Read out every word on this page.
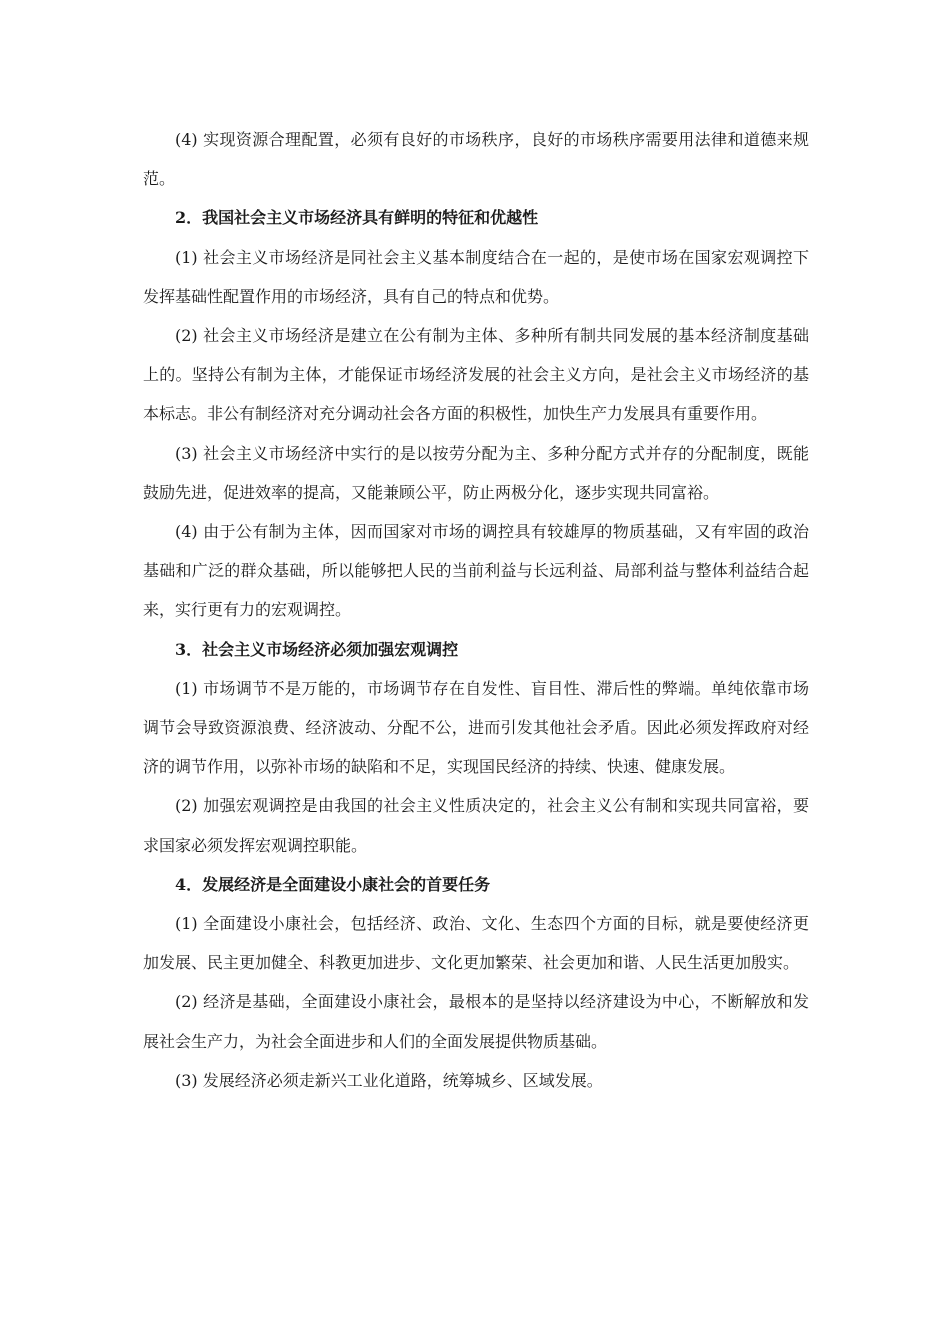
(4) 实现资源合理配置，必须有良好的市场秩序，良好的市场秩序需要用法律和道德来规范。

2．我国社会主义市场经济具有鲜明的特征和优越性

(1) 社会主义市场经济是同社会主义基本制度结合在一起的，是使市场在国家宏观调控下发挥基础性配置作用的市场经济，具有自己的特点和优势。

(2) 社会主义市场经济是建立在公有制为主体、多种所有制共同发展的基本经济制度基础上的。坚持公有制为主体，才能保证市场经济发展的社会主义方向，是社会主义市场经济的基本标志。非公有制经济对充分调动社会各方面的积极性，加快生产力发展具有重要作用。

(3) 社会主义市场经济中实行的是以按劳分配为主、多种分配方式并存的分配制度，既能鼓励先进，促进效率的提高，又能兼顾公平，防止两极分化，逐步实现共同富裕。

(4) 由于公有制为主体，因而国家对市场的调控具有较雄厚的物质基础，又有牢固的政治基础和广泛的群众基础，所以能够把人民的当前利益与长远利益、局部利益与整体利益结合起来，实行更有力的宏观调控。

3．社会主义市场经济必须加强宏观调控

(1) 市场调节不是万能的，市场调节存在自发性、盲目性、滞后性的弊端。单纯依靠市场调节会导致资源浪费、经济波动、分配不公，进而引发其他社会矛盾。因此必须发挥政府对经济的调节作用，以弥补市场的缺陷和不足，实现国民经济的持续、快速、健康发展。

(2) 加强宏观调控是由我国的社会主义性质决定的，社会主义公有制和实现共同富裕，要求国家必须发挥宏观调控职能。

4．发展经济是全面建设小康社会的首要任务

(1) 全面建设小康社会，包括经济、政治、文化、生态四个方面的目标，就是要使经济更加发展、民主更加健全、科教更加进步、文化更加繁荣、社会更加和谐、人民生活更加殷实。

(2) 经济是基础，全面建设小康社会，最根本的是坚持以经济建设为中心，不断解放和发展社会生产力，为社会全面进步和人们的全面发展提供物质基础。

(3) 发展经济必须走新兴工业化道路，统筹城乡、区域发展。
